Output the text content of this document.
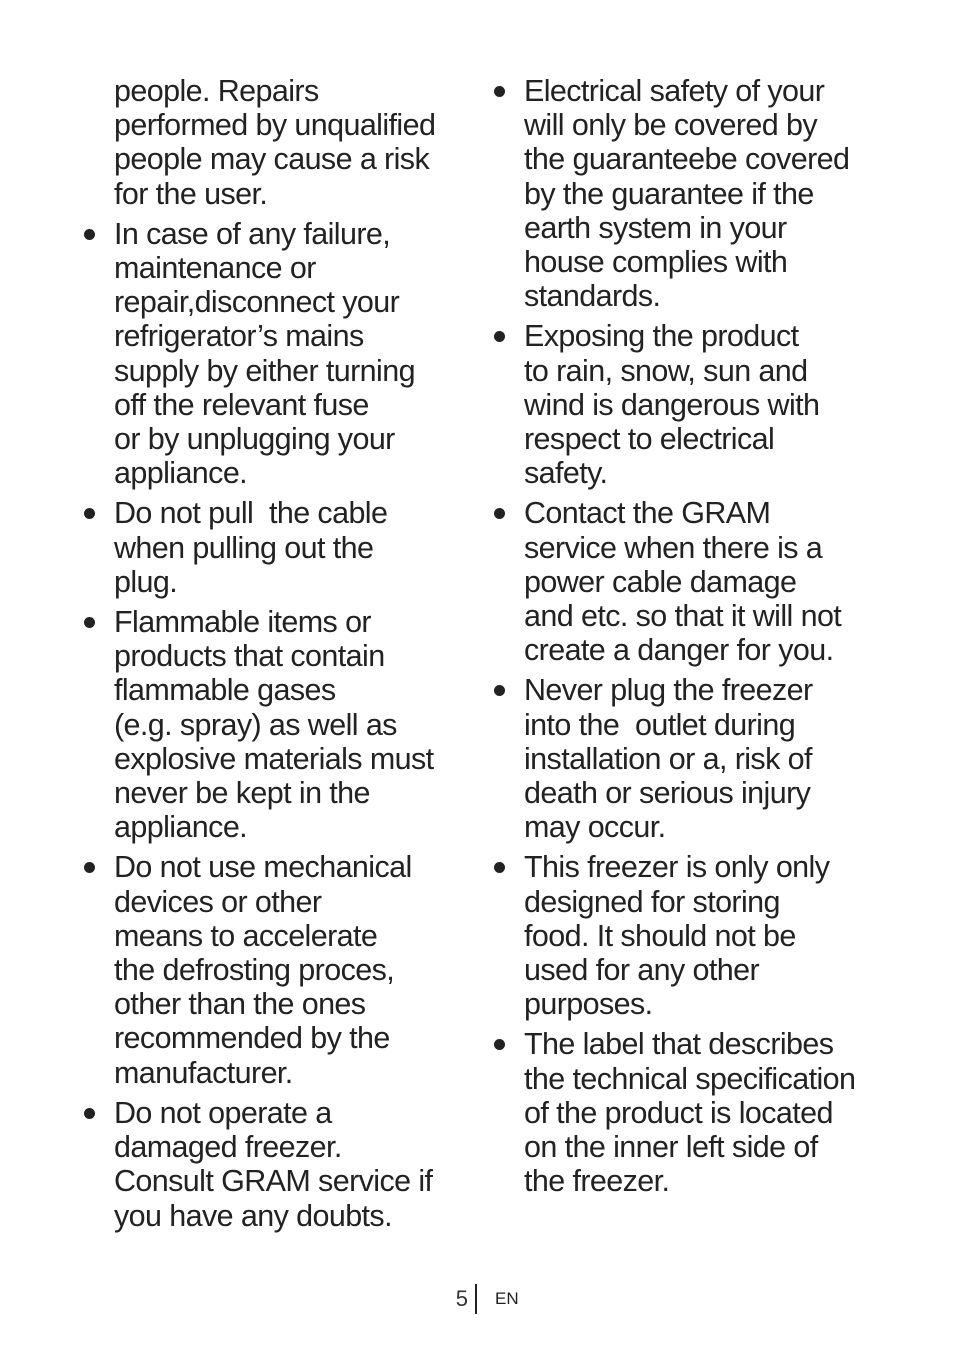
people. Repairs
performed by unqualified
people may cause a risk
for the user.
In case of any failure,
maintenance or
repair,disconnect your
refrigerator’s mains
supply by either turning
off the relevant fuse
or by unplugging your
appliance.
Do not pull  the cable
when pulling out the
plug.
Flammable items or
products that contain
flammable gases
(e.g. spray) as well as
explosive materials must
never be kept in the
appliance.
Do not use mechanical
devices or other
means to accelerate
the defrosting proces,
other than the ones
recommended by the
manufacturer.
Do not operate a
damaged freezer.
Consult GRAM service if
you have any doubts.
Electrical safety of your
will only be covered by
the guaranteebe covered
by the guarantee if the
earth system in your
house complies with
standards.
Exposing the product
to rain, snow, sun and
wind is dangerous with
respect to electrical
safety.
Contact the GRAM
service when there is a
power cable damage
and etc. so that it will not
create a danger for you.
Never plug the freezer
into the  outlet during
installation or a, risk of
death or serious injury
may occur.
This freezer is only only
designed for storing
food. It should not be
used for any other
purposes.
The label that describes
the technical specification
of the product is located
on the inner left side of
the freezer.
5 EN
